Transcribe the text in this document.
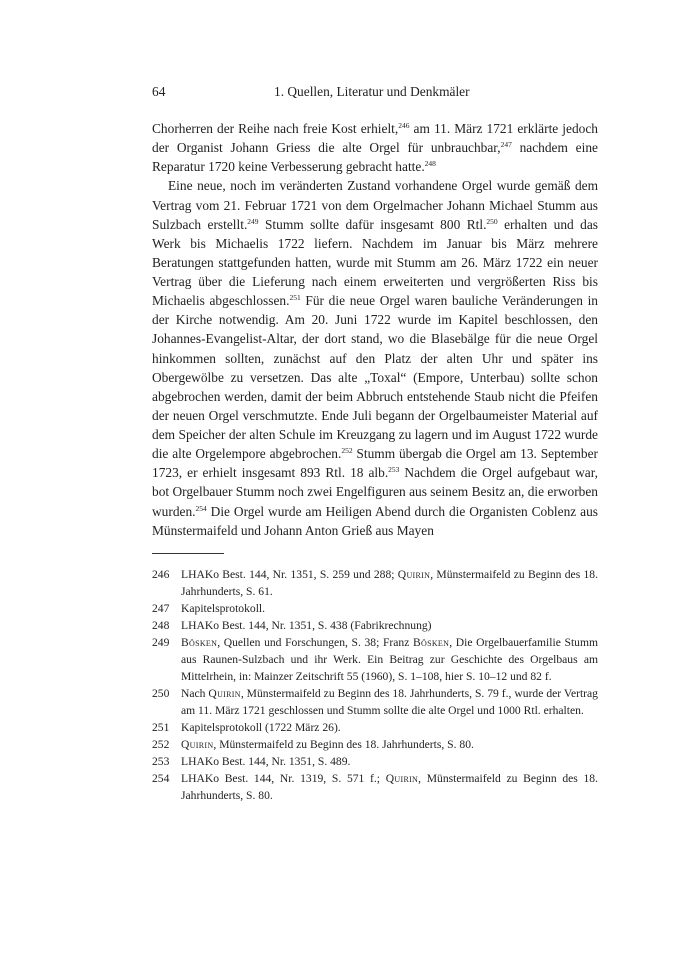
64	1. Quellen, Literatur und Denkmäler

Chorherren der Reihe nach freie Kost erhielt,$^{246}$ am 11. März 1721 erklärte jedoch der Organist Johann Griess die alte Orgel für unbrauchbar,$^{247}$ nachdem eine Reparatur 1720 keine Verbesserung gebracht hatte.$^{248}$

Eine neue, noch im veränderten Zustand vorhandene Orgel wurde gemäß dem Vertrag vom 21. Februar 1721 von dem Orgelmacher Johann Michael Stumm aus Sulzbach erstellt.$^{249}$ Stumm sollte dafür insgesamt 800 Rtl.$^{250}$ erhalten und das Werk bis Michaelis 1722 liefern. Nachdem im Januar bis März mehrere Beratungen stattgefunden hatten, wurde mit Stumm am 26. März 1722 ein neuer Vertrag über die Lieferung nach einem erweiterten und vergrößerten Riss bis Michaelis abgeschlossen.$^{251}$ Für die neue Orgel waren bauliche Veränderungen in der Kirche notwendig. Am 20. Juni 1722 wurde im Kapitel beschlossen, den Johannes-Evangelist-Altar, der dort stand, wo die Blasebälge für die neue Orgel hinkommen sollten, zunächst auf den Platz der alten Uhr und später ins Obergewölbe zu versetzen. Das alte „Toxal“ (Empore, Unterbau) sollte schon abgebrochen werden, damit der beim Abbruch entstehende Staub nicht die Pfeifen der neuen Orgel verschmutzte. Ende Juli begann der Orgelbaumeister Material auf dem Speicher der alten Schule im Kreuzgang zu lagern und im August 1722 wurde die alte Orgelempore abgebrochen.$^{252}$ Stumm übergab die Orgel am 13. September 1723, er erhielt insgesamt 893 Rtl. 18 alb.$^{253}$ Nachdem die Orgel aufgebaut war, bot Orgelbauer Stumm noch zwei Engelfiguren aus seinem Besitz an, die erworben wurden.$^{254}$ Die Orgel wurde am Heiligen Abend durch die Organisten Coblenz aus Münstermaifeld und Johann Anton Grieß aus Mayen

246	LHAKo Best. 144, Nr. 1351, S. 259 und 288; Quirin, Münstermaifeld zu Beginn des 18. Jahrhunderts, S. 61.
247	Kapitelsprotokoll.
248	LHAKo Best. 144, Nr. 1351, S. 438 (Fabrikrechnung)
249	Bösken, Quellen und Forschungen, S. 38; Franz Bösken, Die Orgelbauerfamilie Stumm aus Raunen-Sulzbach und ihr Werk. Ein Beitrag zur Geschichte des Orgelbaus am Mittelrhein, in: Mainzer Zeitschrift 55 (1960), S. 1–108, hier S. 10–12 und 82 f.
250	Nach Quirin, Münstermaifeld zu Beginn des 18. Jahrhunderts, S. 79 f., wurde der Vertrag am 11. März 1721 geschlossen und Stumm sollte die alte Orgel und 1000 Rtl. erhalten.
251	Kapitelsprotokoll (1722 März 26).
252	Quirin, Münstermaifeld zu Beginn des 18. Jahrhunderts, S. 80.
253	LHAKo Best. 144, Nr. 1351, S. 489.
254	LHAKo Best. 144, Nr. 1319, S. 571 f.; Quirin, Münstermaifeld zu Beginn des 18. Jahrhunderts, S. 80.
